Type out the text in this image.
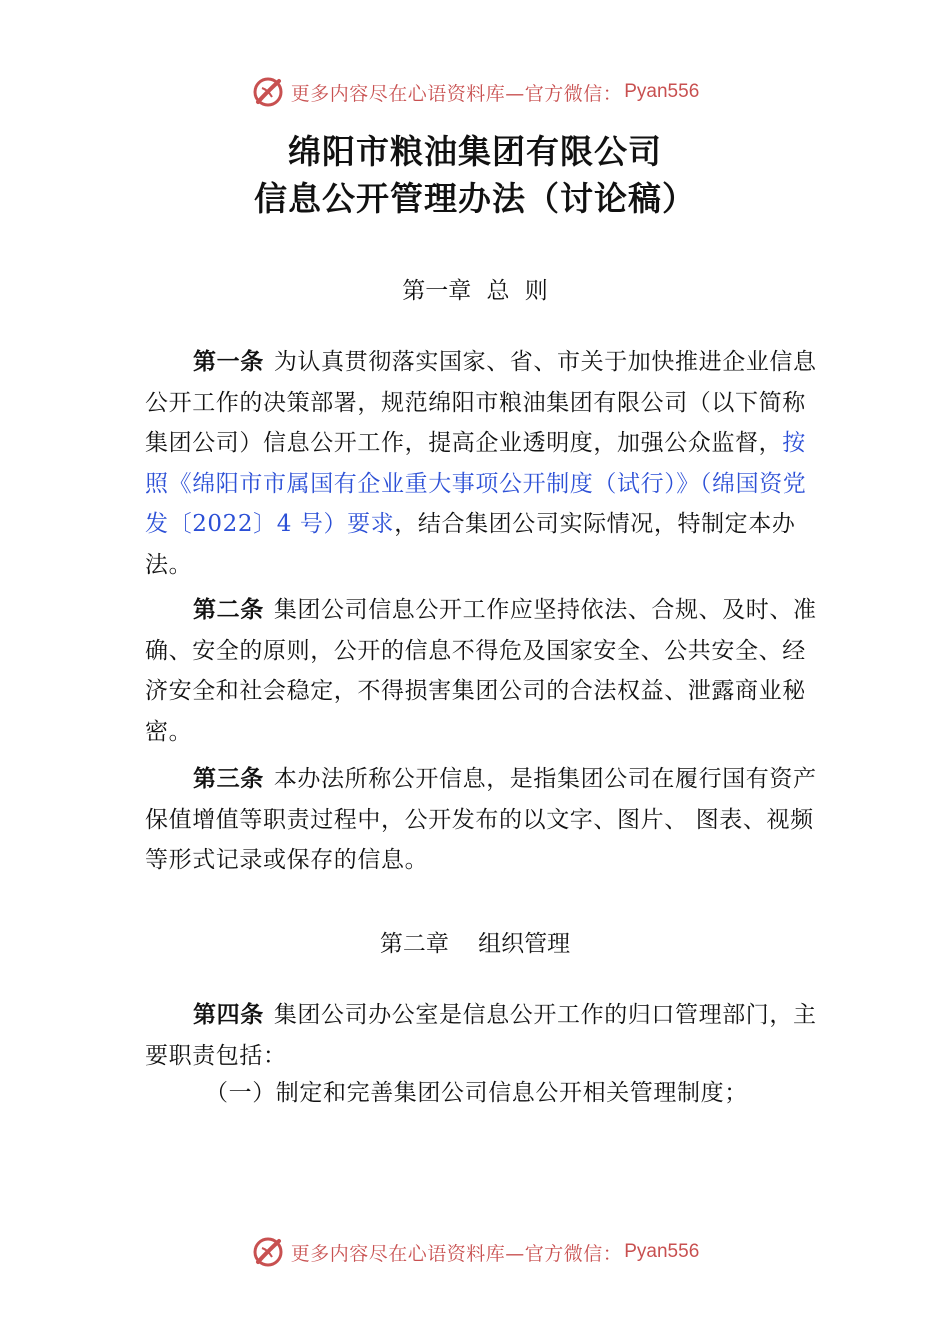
更多内容尽在心语资料库—官方微信： Pyan556
绵阳市粮油集团有限公司
信息公开管理办法（讨论稿）

第一章 总 则

第一条 为认真贯彻落实国家、省、市关于加快推进企业信息公开工作的决策部署，规范绵阳市粮油集团有限公司（以下简称集团公司）信息公开工作，提高企业透明度，加强公众监督，按照《绵阳市市属国有企业重大事项公开制度（试行）》（绵国资党发〔2022〕4 号）要求，结合集团公司实际情况，特制定本办法。

第二条 集团公司信息公开工作应坚持依法、合规、及时、准确、安全的原则，公开的信息不得危及国家安全、公共安全、经济安全和社会稳定，不得损害集团公司的合法权益、泄露商业秘密。

第三条 本办法所称公开信息，是指集团公司在履行国有资产保值增值等职责过程中，公开发布的以文字、图片、 图表、视频等形式记录或保存的信息。

第二章    组织管理

第四条 集团公司办公室是信息公开工作的归口管理部门，主要职责包括：

（一）制定和完善集团公司信息公开相关管理制度；

更多内容尽在心语资料库—官方微信： Pyan556
